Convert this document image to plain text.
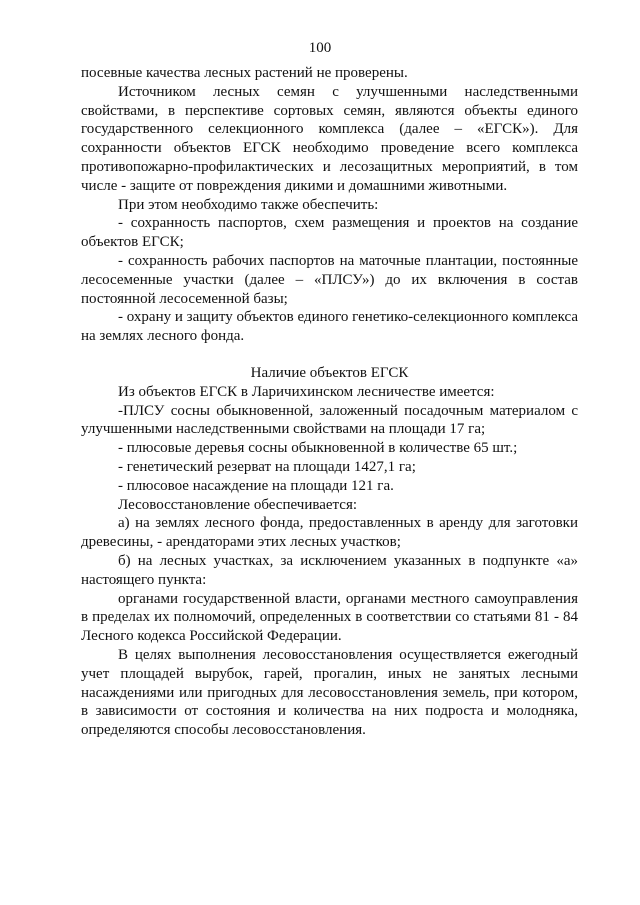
100

посевные качества лесных растений не проверены.

Источником лесных семян с улучшенными наследственными свойствами, в перспективе сортовых семян, являются объекты единого государственного селекционного комплекса (далее – «ЕГСК»). Для сохранности объектов ЕГСК необходимо проведение всего комплекса противопожарно-профилактических и лесозащитных мероприятий, в том числе - защите от повреждения дикими и домашними животными.

При этом необходимо также обеспечить:

- сохранность паспортов, схем размещения и проектов на создание объектов ЕГСК;

- сохранность рабочих паспортов на маточные плантации, постоянные лесосеменные участки (далее – «ПЛСУ») до их включения в состав постоянной лесосеменной базы;

- охрану и защиту объектов единого генетико-селекционного комплекса на землях лесного фонда.

Наличие объектов ЕГСК

Из объектов ЕГСК в Ларичихинском лесничестве имеется:

-ПЛСУ сосны обыкновенной, заложенный посадочным материалом с улучшенными наследственными свойствами на площади 17 га;

- плюсовые деревья сосны обыкновенной в количестве 65 шт.;

- генетический резерват на площади 1427,1 га;

- плюсовое насаждение на площади 121 га.

Лесовосстановление обеспечивается:

а) на землях лесного фонда, предоставленных в аренду для заготовки древесины, - арендаторами этих лесных участков;

б) на лесных участках, за исключением указанных в подпункте «а» настоящего пункта:

органами государственной власти, органами местного самоуправления в пределах их полномочий, определенных в соответствии со статьями 81 - 84 Лесного кодекса Российской Федерации.

В целях выполнения лесовосстановления осуществляется ежегодный учет площадей вырубок, гарей, прогалин, иных не занятых лесными насаждениями или пригодных для лесовосстановления земель, при котором, в зависимости от состояния и количества на них подроста и молодняка, определяются способы лесовосстановления.
